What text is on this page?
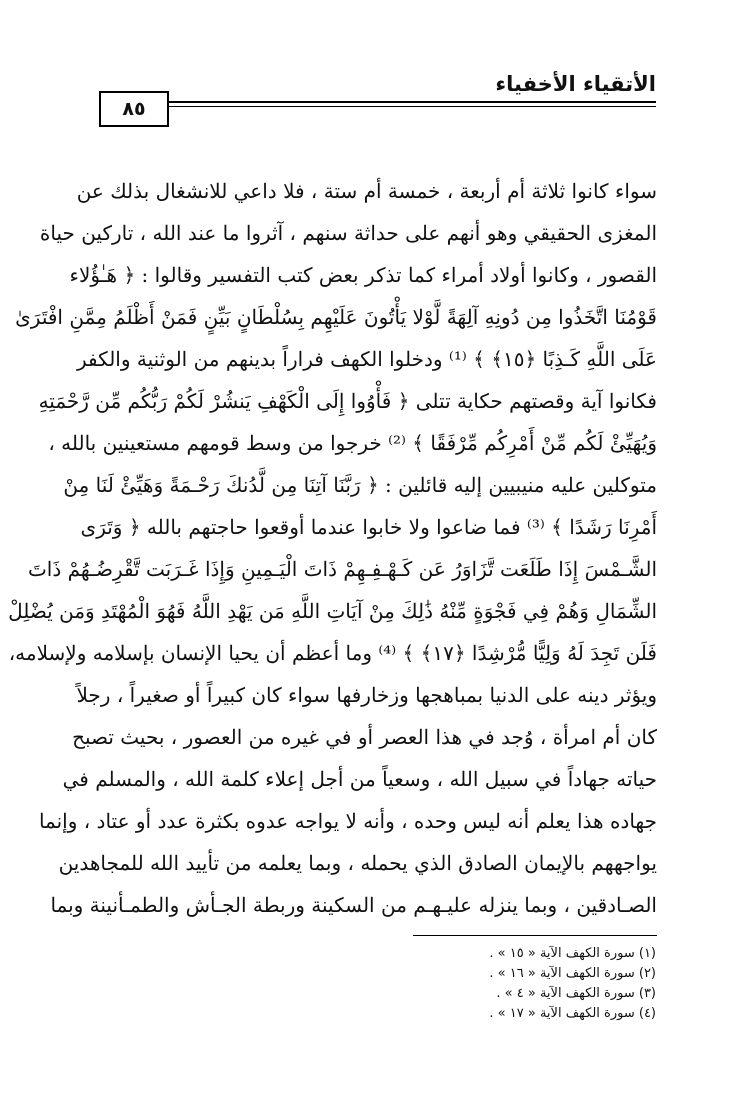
الأتقياء الأخفياء
٨٥
سواء كانوا ثلاثة أم أربعة ، خمسة أم ستة ، فلا داعي للانشغال بذلك عن
المغزى الحقيقي وهو أنهم على حداثة سنهم ، آثروا ما عند الله ، تاركين حياة
القصور ، وكانوا أولاد أمراء كما تذكر بعض كتب التفسير وقالوا : ﴿ هَـٰؤُلاء
قَوْمُنَا اتَّخَذُوا مِن دُونِهِ آلِهَةً لَّوْلا يَأْتُونَ عَلَيْهِم بِسُلْطَانٍ بَيِّنٍ فَمَنْ أَظْلَمُ مِمَّنِ افْتَرَىٰ
عَلَى اللَّهِ كَـذِبًا ﴿١٥﴾ ﴾ ⁽¹⁾ ودخلوا الكهف فراراً بدينهم من الوثنية والكفر
فكانوا آية وقصتهم حكاية تتلى ﴿ فَأْوُوا إِلَى الْكَهْفِ يَنشُرْ لَكُمْ رَبُّكُم مِّن رَّحْمَتِهِ
وَيُهَيِّئْ لَكُم مِّنْ أَمْرِكُم مِّرْفَقًا ﴾ ⁽²⁾ خرجوا من وسط قومهم مستعينين بالله ،
متوكلين عليه منيبيين إليه قائلين : ﴿ رَبَّنَا آتِنَا مِن لَّدُنكَ رَحْـمَةً وَهَيِّئْ لَنَا مِنْ
أَمْرِنَا رَشَدًا ﴾ ⁽³⁾ فما ضاعوا ولا خابوا عندما أوقعوا حاجتهم بالله ﴿ وَتَرَى
الشَّـمْسَ إِذَا طَلَعَت تَّزَاوَرُ عَن كَـهْـفِـهِمْ ذَاتَ الْيَـمِينِ وَإِذَا غَـرَبَت تَّقْرِضُـهُمْ ذَاتَ
الشِّمَالِ وَهُمْ فِي فَجْوَةٍ مِّنْهُ ذَٰلِكَ مِنْ آيَاتِ اللَّهِ مَن يَهْدِ اللَّهُ فَهُوَ الْمُهْتَدِ وَمَن يُضْلِلْ
فَلَن تَجِدَ لَهُ وَلِيًّا مُّرْشِدًا ﴿١٧﴾ ﴾ ⁽⁴⁾ وما أعظم أن يحيا الإنسان بإسلامه ولإسلامه،
ويؤثر دينه على الدنيا بمباهجها وزخارفها سواء كان كبيراً أو صغيراً ، رجلاً
كان أم امرأة ، وُجد في هذا العصر أو في غيره من العصور ، بحيث تصبح
حياته جهاداً في سبيل الله ، وسعياً من أجل إعلاء كلمة الله ، والمسلم في
جهاده هذا يعلم أنه ليس وحده ، وأنه لا يواجه عدوه بكثرة عدد أو عتاد ، وإنما
يواجههم بالإيمان الصادق الذي يحمله ، وبما يعلمه من تأييد الله للمجاهدين
الصـادقين ، وبما ينزله عليـهـم من السكينة وربطة الجـأش والطمـأنينة وبما
(١) سورة الكهف الآية « ١٥ » .
(٢) سورة الكهف الآية « ١٦ » .
(٣) سورة الكهف الآية « ٤ » .
(٤) سورة الكهف الآية « ١٧ » .
